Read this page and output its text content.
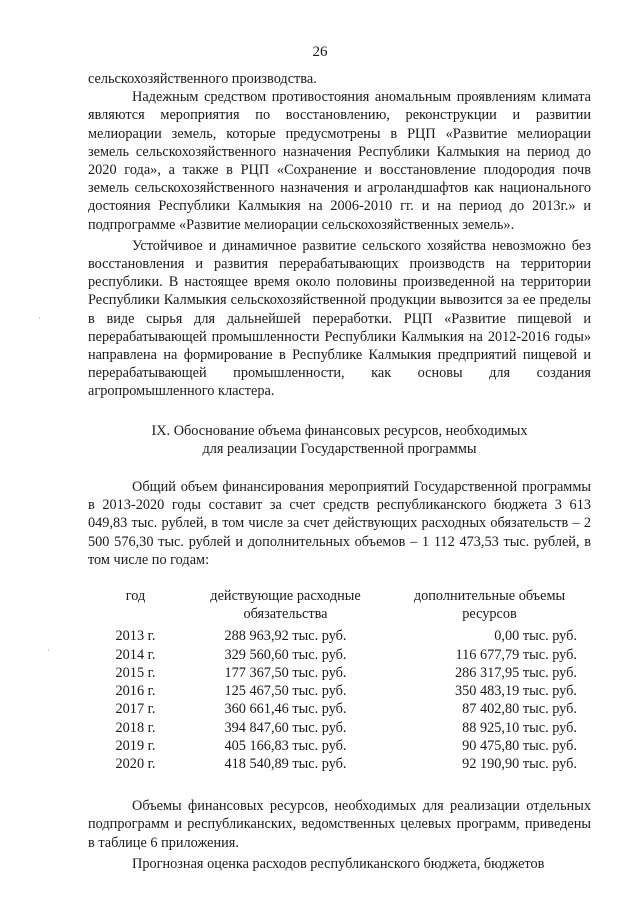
26
·
·

сельскохозяйственного производства.

Надежным средством противостояния аномальным проявлениям климата являются мероприятия по восстановлению, реконструкции и развитии мелиорации земель, которые предусмотрены в РЦП «Развитие мелиорации земель сельскохозяйственного назначения Республики Калмыкия на период до 2020 года», а также в РЦП «Сохранение и восстановление плодородия почв земель сельскохозяйственного назначения и агроландшафтов как национального достояния Республики Калмыкия на 2006-2010 гг. и на период до 2013г.» и подпрограмме «Развитие мелиорации сельскохозяйственных земель».

Устойчивое и динамичное развитие сельского хозяйства невозможно без восстановления и развития перерабатывающих производств на территории республики. В настоящее время около половины произведенной на территории Республики Калмыкия сельскохозяйственной продукции вывозится за ее пределы в виде сырья для дальнейшей переработки. РЦП «Развитие пищевой и перерабатывающей промышленности Республики Калмыкия на 2012-2016 годы» направлена на формирование в Республике Калмыкия предприятий пищевой и перерабатывающей промышленности, как основы для создания агропромышленного кластера.

IX. Обоснование объема финансовых ресурсов, необходимых
для реализации Государственной программы

Общий объем финансирования мероприятий Государственной программы в 2013-2020 годы составит за счет средств республиканского бюджета 3 613 049,83 тыс. рублей, в том числе за счет действующих расходных обязательств – 2 500 576,30 тыс. рублей и дополнительных объемов – 1 112 473,53 тыс. рублей, в том числе по годам:

год	действующие расходные обязательства	дополнительные объемы ресурсов
2013 г.	288 963,92 тыс. руб.	0,00 тыс. руб.
2014 г.	329 560,60 тыс. руб.	116 677,79 тыс. руб.
2015 г.	177 367,50 тыс. руб.	286 317,95 тыс. руб.
2016 г.	125 467,50 тыс. руб.	350 483,19 тыс. руб.
2017 г.	360 661,46 тыс. руб.	87 402,80 тыс. руб.
2018 г.	394 847,60 тыс. руб.	88 925,10 тыс. руб.
2019 г.	405 166,83 тыс. руб.	90 475,80 тыс. руб.
2020 г.	418 540,89 тыс. руб.	92 190,90 тыс. руб.

Объемы финансовых ресурсов, необходимых для реализации отдельных подпрограмм и республиканских, ведомственных целевых программ, приведены в таблице 6 приложения.

Прогнозная оценка расходов республиканского бюджета, бюджетов
